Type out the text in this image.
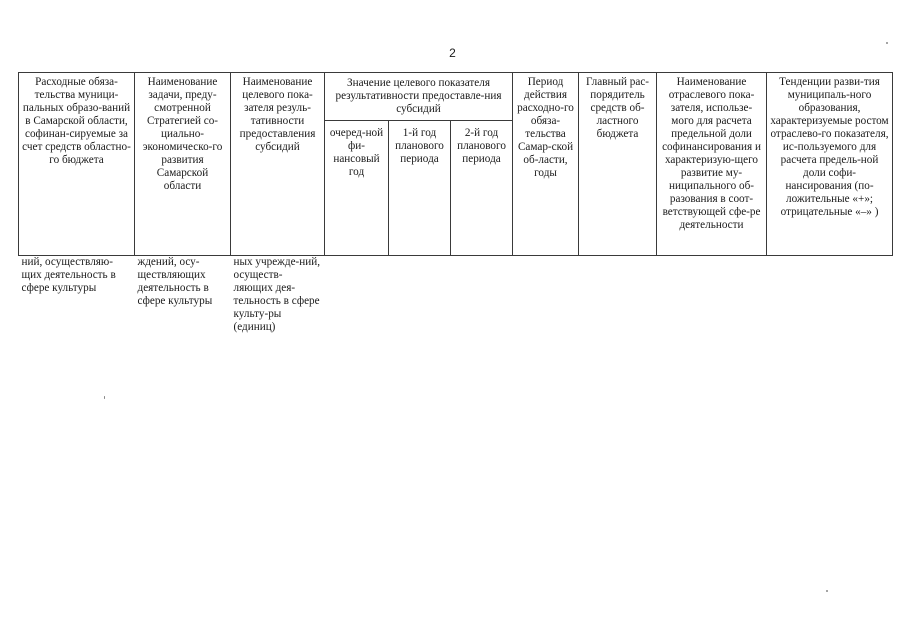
2
Расходные обяза-тельства муници-пальных образо-ваний в Самарской области, софинан-сируемые за счет средств областно-го бюджета	Наименование задачи, преду-смотренной Стратегией со-циально-экономическо-го развития Самарской области	Наименование целевого пока-зателя резуль-тативности предоставления субсидий	Значение целевого показателя результативности предоставле-ния субсидий			Период действия расходно-го обяза-тельства Самар-ской об-ласти, годы	Главный рас-порядитель средств об-ластного бюджета	Наименование отраслевого пока-зателя, использе-мого для расчета предельной доли софинансирования и характеризую-щего развитие му-ниципального об-разования в соот-ветствующей сфе-ре деятельности	Тенденции разви-тия муниципаль-ного образования, характеризуемые ростом отраслево-го показателя, ис-пользуемого для расчета предель-ной доли софи-нансирования (по-ложительные «+»; отрицательные «–» )
			очеред-ной фи-нансовый год	1-й год планового периода	2-й год планового периода				
ний, осуществляю-щих деятельность в сфере культуры	ждений, осу-ществляющих деятельность в сфере культуры	ных учрежде-ний, осуществ-ляющих дея-тельность в сфере культу-ры (единиц)							
